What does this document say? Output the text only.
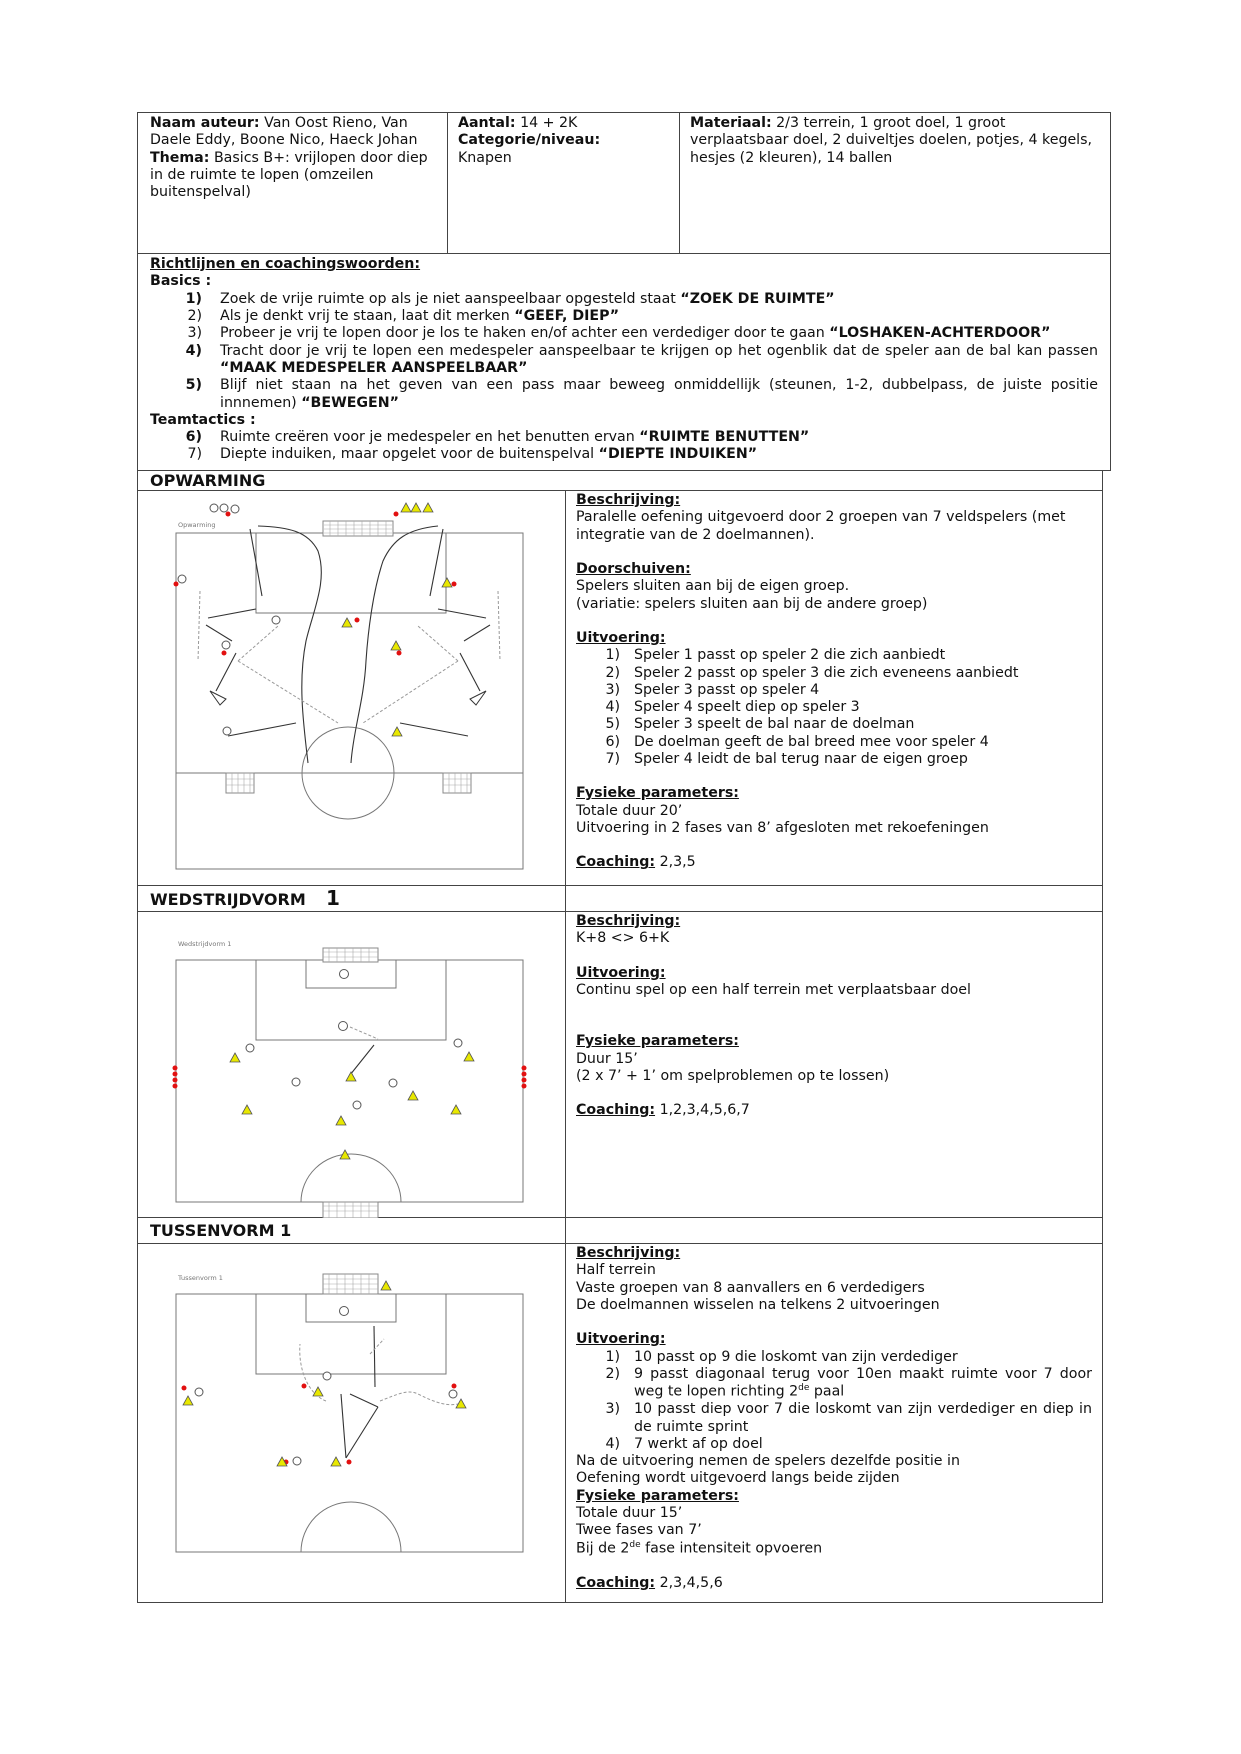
Naam auteur: Van Oost Rieno, Van Daele Eddy, Boone Nico, Haeck Johan

Thema: Basics B+: vrijlopen door diep in de ruimte te lopen (omzeilen buitenspelval)

Aantal: 14 + 2K

Categorie/niveau:

Knapen

Materiaal: 2/3 terrein, 1 groot doel, 1 groot verplaatsbaar doel, 2 duiveltjes doelen, potjes, 4 kegels, hesjes (2 kleuren), 14 ballen

Richtlijnen en coachingswoorden:

Basics :

1)	Zoek de vrije ruimte op als je niet aanspeelbaar opgesteld staat “ZOEK DE RUIMTE”
2)	Als je denkt vrij te staan, laat dit merken “GEEF, DIEP”
3)	Probeer je vrij te lopen door je los te haken en/of achter een verdediger door te gaan “LOSHAKEN-ACHTERDOOR”
4)	Tracht door je vrij te lopen een medespeler aanspeelbaar te krijgen op het ogenblik dat de speler aan de bal kan passen “MAAK MEDESPELER AANSPEELBAAR”
5)	Blijf niet staan na het geven van een pass maar beweeg onmiddellijk (steunen, 1-2, dubbelpass, de juiste positie innnemen) “BEWEGEN”

Teamtactics :

6)	Ruimte creëren voor je medespeler en het benutten ervan “RUIMTE BENUTTEN”
7)	Diepte induiken, maar opgelet voor de buitenspelval “DIEPTE INDUIKEN”
OPWARMING
Opwarming

Beschrijving:

Paralelle oefening uitgevoerd door 2 groepen van 7 veldspelers (met integratie van de 2 doelmannen).

Doorschuiven:

Spelers sluiten aan bij de eigen groep.

(variatie: spelers sluiten aan bij de andere groep)

Uitvoering:

1) Speler 1 passt op speler 2 die zich aanbiedt
2) Speler 2 passt op speler 3 die zich eveneens aanbiedt
3) Speler 3 passt op speler 4
4) Speler 4 speelt diep op speler 3
5) Speler 3 speelt de bal naar de doelman
6) De doelman geeft de bal breed mee voor speler 4
7) Speler 4 leidt de bal terug naar de eigen groep

Fysieke parameters:

Totale duur 20’

Uitvoering in 2 fases van 8’ afgesloten met rekoefeningen

Coaching: 2,3,5

WEDSTRIJDVORM 1
Wedstrijdvorm 1

Beschrijving:

K+8 <> 6+K

Uitvoering:

Continu spel op een half terrein met verplaatsbaar doel

Fysieke parameters:

Duur 15’

(2 x 7’ + 1’ om spelproblemen op te lossen)

Coaching: 1,2,3,4,5,6,7

TUSSENVORM 1
Tussenvorm 1

Beschrijving:

Half terrein

Vaste groepen van 8 aanvallers en 6 verdedigers

De doelmannen wisselen na telkens 2 uitvoeringen

Uitvoering:

1) 10 passt op 9 die loskomt van zijn verdediger
2) 9 passt diagonaal terug voor 10en maakt ruimte voor 7 door weg te lopen richting 2de paal
3) 10 passt diep voor 7 die loskomt van zijn verdediger en diep in de ruimte sprint
4) 7 werkt af op doel

Na de uitvoering nemen de spelers dezelfde positie in

Oefening wordt uitgevoerd langs beide zijden

Fysieke parameters:

Totale duur 15’

Twee fases van 7’

Bij de 2de fase intensiteit opvoeren

Coaching: 2,3,4,5,6
